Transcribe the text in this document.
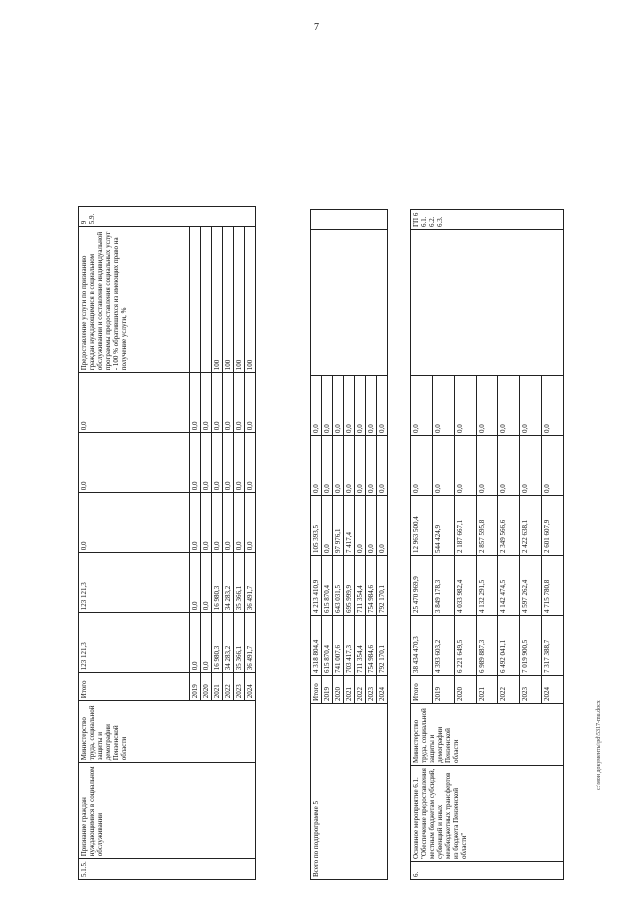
7
5.1.5.	Признание граждан нуждающимися в социальном обслуживании	Министерство труда, социальной защиты и демографии Пензенской области	Итого	123 121,3	123 121,3	0,0	0,0	0,0	Предоставление услуги по признанию граждан нуждающимися в социальном обслуживании и составление индивидуальной программы предоставления социальных услуг - 100 % обратившихся из имеющих право на получение услуги, %	9 5.9.

			2019	0,0	0,0	0,0	0,0	0,0		
			2020	0,0	0,0	0,0	0,0	0,0		
			2021	16 980,3	16 980,3	0,0	0,0	0,0	100	
			2022	34 283,2	34 283,2	0,0	0,0	0,0	100	
			2023	35 366,1	35 366,1	0,0	0,0	0,0	100	
			2024	36 491,7	36 491,7	0,0	0,0	0,0	100	
Всего по подпрограмме 5	Итого	4 318 804,4	4 213 410,9	105 393,5	0,0	0,0		
	2019	615 870,4	615 870,4	0,0	0,0	0,0		
	2020	741 007,6	643 031,5	97 976,1	0,0	0,0		
	2021	703 417,3	695 999,9	7 417,4	0,0	0,0		
	2022	711 354,4	711 354,4	0,0	0,0	0,0		
	2023	754 984,6	754 984,6	0,0	0,0	0,0		
	2024	792 170,1	792 170,1	0,0	0,0	0,0		
6.	Основное мероприятие 6.1. "Обеспечение предоставления местным бюджетам субсидий, субвенций и иных межбюджетных трансфертов из бюджета Пензенской области"	Министерство труда, социальной защиты и демографии Пензенской области	Итого	38 434 470,3	25 470 969,9	12 963 500,4	0,0	0,0		ГП 6 6.1. 6.2. 6.3.

			2019	4 393 603,2	3 849 178,3	544 424,9	0,0	0,0		
			2020	6 221 649,5	4 033 982,4	2 187 667,1	0,0	0,0		
			2021	6 989 887,3	4 132 291,5	2 857 595,8	0,0	0,0		
			2022	6 492 041,1	4 142 474,5	2 349 566,6	0,0	0,0		
			2023	7 019 900,5	4 597 262,4	2 422 638,1	0,0	0,0		
			2024	7 317 388,7	4 715 780,8	2 601 607,9	0,0	0,0		
c:\мои документы\pd\5317-mu.docx
